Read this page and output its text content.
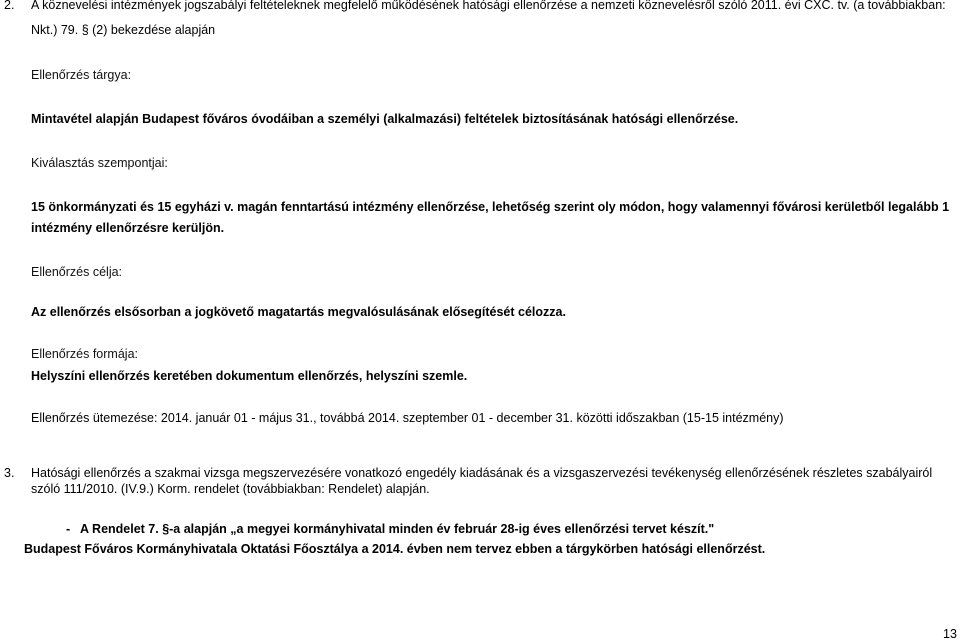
2. A köznevelési intézmények jogszabályi feltételeknek megfelelő működésének hatósági ellenőrzése a nemzeti köznevelésről szóló 2011. évi CXC. tv. (a továbbiakban:
Nkt.) 79. § (2) bekezdése alapján
Ellenőrzés tárgya:
Mintavétel alapján Budapest főváros óvodáiban a személyi (alkalmazási) feltételek biztosításának hatósági ellenőrzése.
Kiválasztás szempontjai:
15 önkormányzati és 15 egyházi v. magán fenntartású intézmény ellenőrzése, lehetőség szerint oly módon, hogy valamennyi fővárosi kerületből legalább 1
intézmény ellenőrzésre kerüljön.
Ellenőrzés célja:
Az ellenőrzés elsősorban a jogkövető magatartás megvalósulásának elősegítését célozza.
Ellenőrzés formája:
Helyszíni ellenőrzés keretében dokumentum ellenőrzés, helyszíni szemle.
Ellenőrzés ütemezése: 2014. január 01 - május 31., továbbá 2014. szeptember 01 - december 31. közötti időszakban (15-15 intézmény)
3. Hatósági ellenőrzés a szakmai vizsga megszervezésére vonatkozó engedély kiadásának és a vizsgaszervezési tevékenység ellenőrzésének részletes szabályairól
szóló 111/2010. (IV.9.) Korm. rendelet (továbbiakban: Rendelet) alapján.
- A Rendelet 7. §-a alapján „a megyei kormányhivatal minden év február 28-ig éves ellenőrzési tervet készít."
Budapest Főváros Kormányhivatala Oktatási Főosztálya a 2014. évben nem tervez ebben a tárgykörben hatósági ellenőrzést.
13
